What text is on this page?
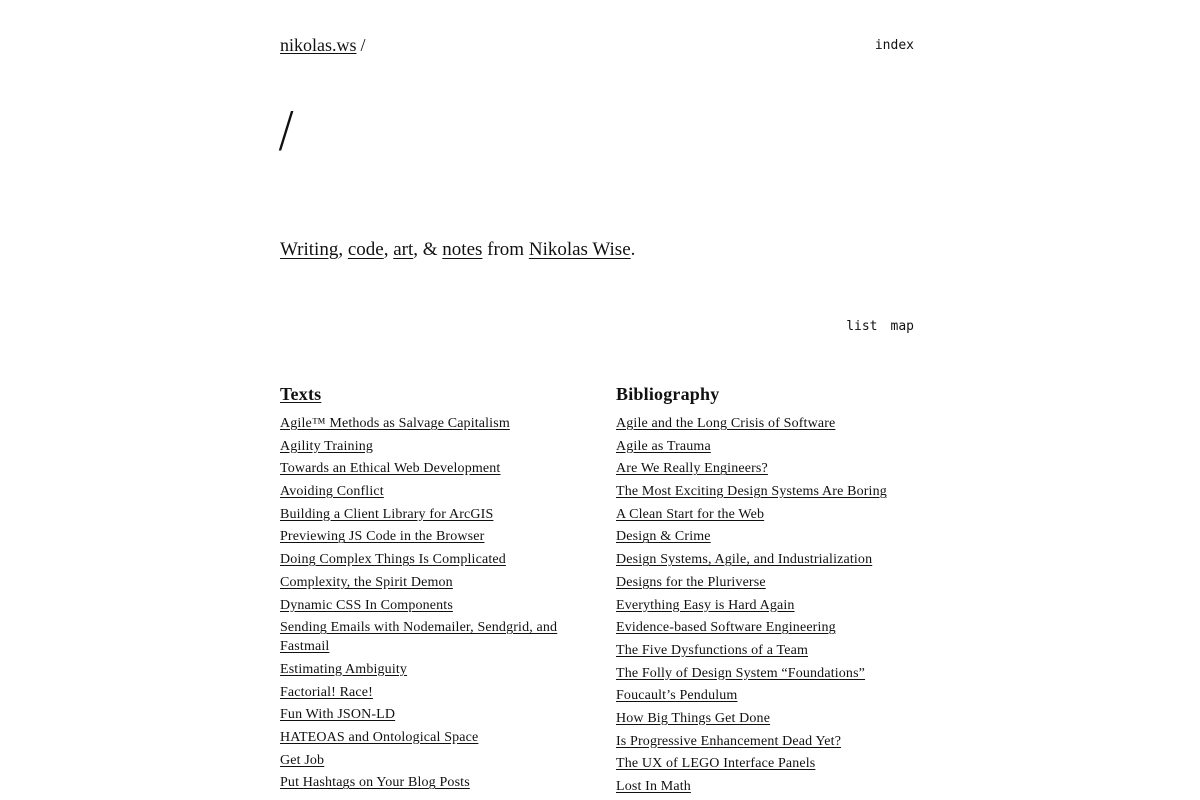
nikolas.ws /	index
/

Writing, code, art, & notes from Nikolas Wise.

list map
Texts
Agile™ Methods as Salvage Capitalism
Agility Training
Towards an Ethical Web Development
Avoiding Conflict
Building a Client Library for ArcGIS
Previewing JS Code in the Browser
Doing Complex Things Is Complicated
Complexity, the Spirit Demon
Dynamic CSS In Components
Sending Emails with Nodemailer, Sendgrid, and Fastmail
Estimating Ambiguity
Factorial! Race!
Fun With JSON-LD
HATEOAS and Ontological Space
Get Job
Put Hashtags on Your Blog Posts
Bibliography
Agile and the Long Crisis of Software
Agile as Trauma
Are We Really Engineers?
The Most Exciting Design Systems Are Boring
A Clean Start for the Web
Design & Crime
Design Systems, Agile, and Industrialization
Designs for the Pluriverse
Everything Easy is Hard Again
Evidence-based Software Engineering
The Five Dysfunctions of a Team
The Folly of Design System “Foundations”
Foucault’s Pendulum
How Big Things Get Done
Is Progressive Enhancement Dead Yet?
The UX of LEGO Interface Panels
Lost In Math
